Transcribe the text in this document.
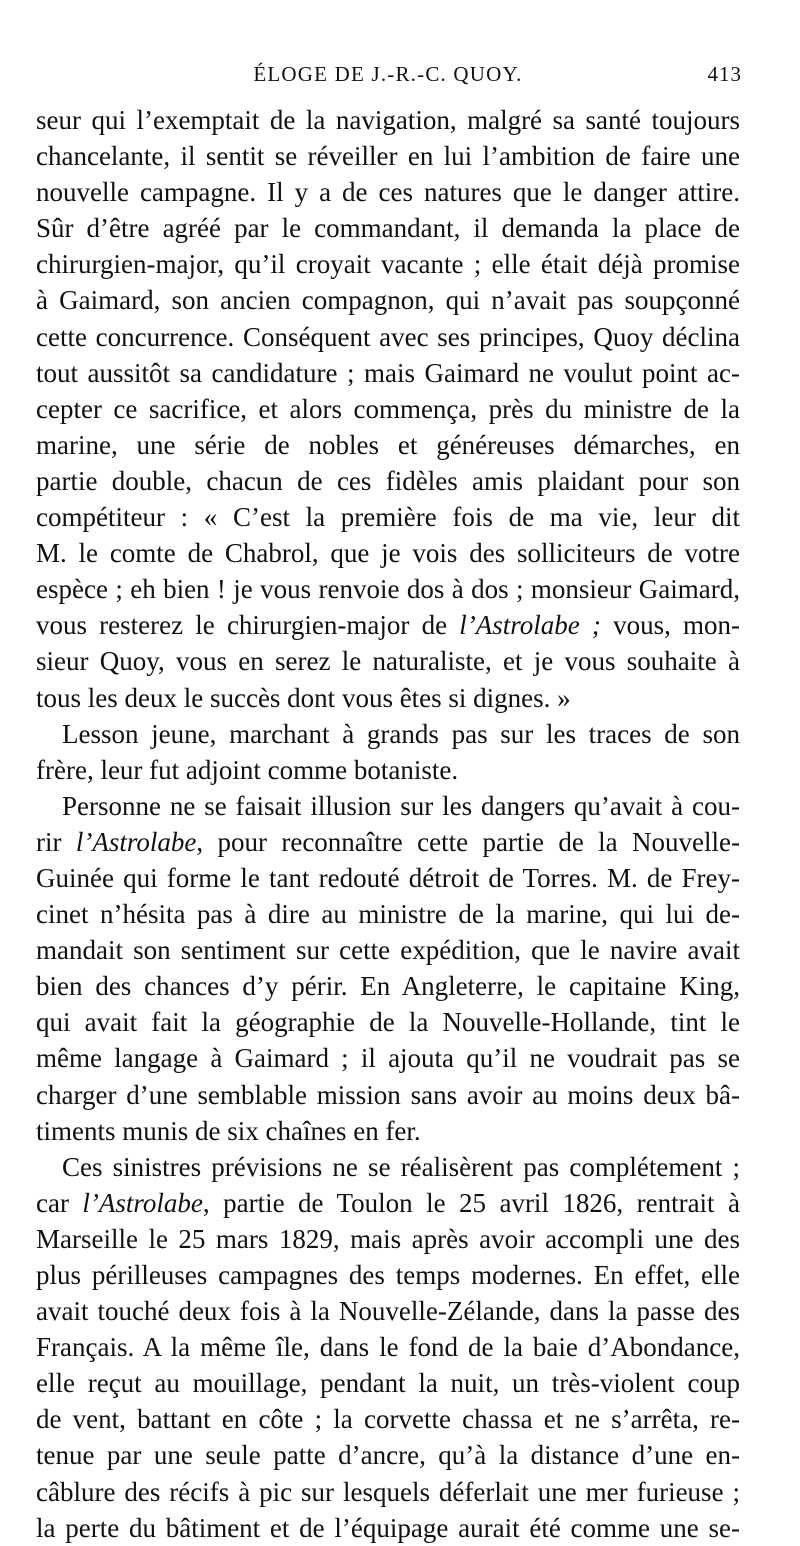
ÉLOGE DE J.-R.-C. QUOY.	413
seur qui l’exemptait de la navigation, malgré sa santé toujours
chancelante, il sentit se réveiller en lui l’ambition de faire une
nouvelle campagne. Il y a de ces natures que le danger attire.
Sûr d’être agréé par le commandant, il demanda la place de
chirurgien-major, qu’il croyait vacante ; elle était déjà promise
à Gaimard, son ancien compagnon, qui n’avait pas soupçonné
cette concurrence. Conséquent avec ses principes, Quoy déclina
tout aussitôt sa candidature ; mais Gaimard ne voulut point ac-
cepter ce sacrifice, et alors commença, près du ministre de la
marine, une série de nobles et généreuses démarches, en
partie double, chacun de ces fidèles amis plaidant pour son
compétiteur : « C’est la première fois de ma vie, leur dit
M. le comte de Chabrol, que je vois des solliciteurs de votre
espèce ; eh bien ! je vous renvoie dos à dos ; monsieur Gaimard,
vous resterez le chirurgien-major de l’Astrolabe ; vous, mon-
sieur Quoy, vous en serez le naturaliste, et je vous souhaite à
tous les deux le succès dont vous êtes si dignes. »
Lesson jeune, marchant à grands pas sur les traces de son
frère, leur fut adjoint comme botaniste.
Personne ne se faisait illusion sur les dangers qu’avait à cou-
rir l’Astrolabe, pour reconnaître cette partie de la Nouvelle-
Guinée qui forme le tant redouté détroit de Torres. M. de Frey-
cinet n’hésita pas à dire au ministre de la marine, qui lui de-
mandait son sentiment sur cette expédition, que le navire avait
bien des chances d’y périr. En Angleterre, le capitaine King,
qui avait fait la géographie de la Nouvelle-Hollande, tint le
même langage à Gaimard ; il ajouta qu’il ne voudrait pas se
charger d’une semblable mission sans avoir au moins deux bâ-
timents munis de six chaînes en fer.
Ces sinistres prévisions ne se réalisèrent pas complétement ;
car l’Astrolabe, partie de Toulon le 25 avril 1826, rentrait à
Marseille le 25 mars 1829, mais après avoir accompli une des
plus périlleuses campagnes des temps modernes. En effet, elle
avait touché deux fois à la Nouvelle-Zélande, dans la passe des
Français. A la même île, dans le fond de la baie d’Abondance,
elle reçut au mouillage, pendant la nuit, un très-violent coup
de vent, battant en côte ; la corvette chassa et ne s’arrêta, re-
tenue par une seule patte d’ancre, qu’à la distance d’une en-
câblure des récifs à pic sur lesquels déferlait une mer furieuse ;
la perte du bâtiment et de l’équipage aurait été comme une se-
